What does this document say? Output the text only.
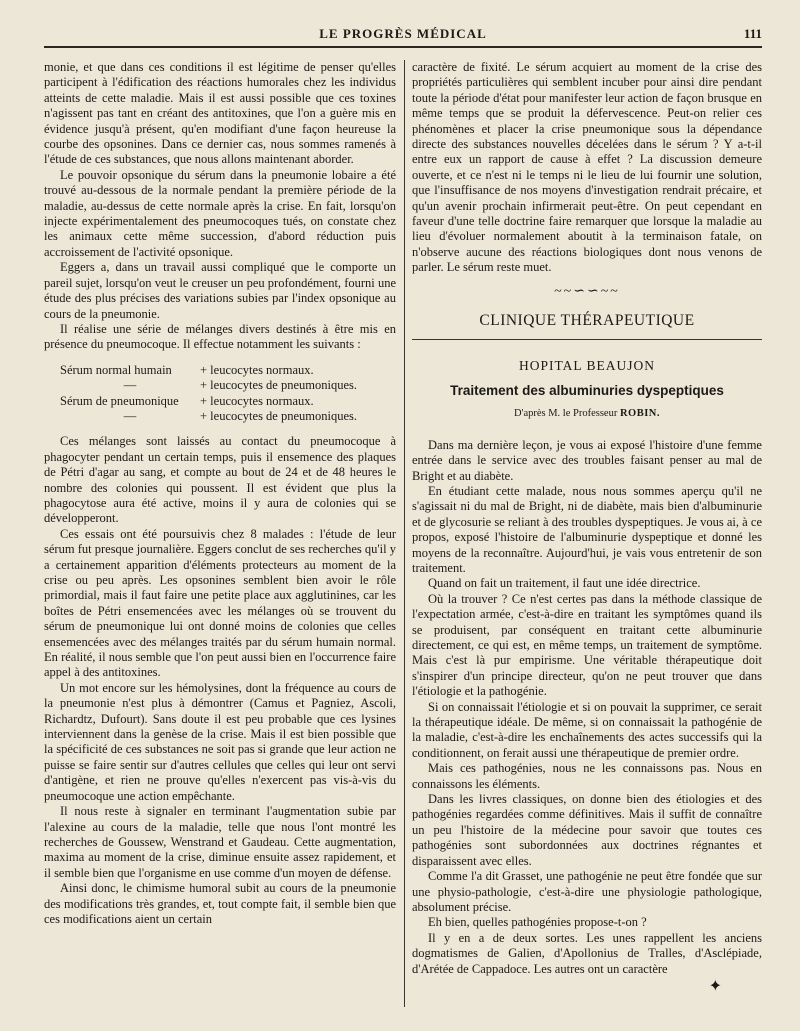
LE PROGRÈS MÉDICAL	111

monie, et que dans ces conditions il est légitime de penser qu'elles participent à l'édification des réactions humorales chez les individus atteints de cette maladie. Mais il est aussi possible que ces toxines n'agissent pas tant en créant des antitoxines, que l'on a guère mis en évidence jusqu'à présent, qu'en modifiant d'une façon heureuse la courbe des opsonines. Dans ce dernier cas, nous sommes ramenés à l'étude de ces substances, que nous allons maintenant aborder.

Le pouvoir opsonique du sérum dans la pneumonie lobaire a été trouvé au-dessous de la normale pendant la première période de la maladie, au-dessus de cette normale après la crise. En fait, lorsqu'on injecte expérimentalement des pneumocoques tués, on constate chez les animaux cette même succession, d'abord réduction puis accroissement de l'activité opsonique.

Eggers a, dans un travail aussi compliqué que le comporte un pareil sujet, lorsqu'on veut le creuser un peu profondément, fourni une étude des plus précises des variations subies par l'index opsonique au cours de la pneumonie.

Il réalise une série de mélanges divers destinés à être mis en présence du pneumocoque. Il effectue notamment les suivants :

Sérum normal humain	+ leucocytes normaux.
—	+ leucocytes de pneumoniques.
Sérum de pneumonique	+ leucocytes normaux.
—	+ leucocytes de pneumoniques.

Ces mélanges sont laissés au contact du pneumocoque à phagocyter pendant un certain temps, puis il ensemence des plaques de Pétri d'agar au sang, et compte au bout de 24 et de 48 heures le nombre des colonies qui poussent. Il est évident que plus la phagocytose aura été active, moins il y aura de colonies qui se développeront.

Ces essais ont été poursuivis chez 8 malades : l'étude de leur sérum fut presque journalière. Eggers conclut de ses recherches qu'il y a certainement apparition d'éléments protecteurs au moment de la crise ou peu après. Les opsonines semblent bien avoir le rôle primordial, mais il faut faire une petite place aux agglutinines, car les boîtes de Pétri ensemencées avec les mélanges où se trouvent du sérum de pneumonique lui ont donné moins de colonies que celles ensemencées avec des mélanges traités par du sérum humain normal. En réalité, il nous semble que l'on peut aussi bien en l'occurrence faire appel à des antitoxines.

Un mot encore sur les hémolysines, dont la fréquence au cours de la pneumonie n'est plus à démontrer (Camus et Pagniez, Ascoli, Richardtz, Dufourt). Sans doute il est peu probable que ces lysines interviennent dans la genèse de la crise. Mais il est bien possible que la spécificité de ces substances ne soit pas si grande que leur action ne puisse se faire sentir sur d'autres cellules que celles qui leur ont servi d'antigène, et rien ne prouve qu'elles n'exercent pas vis-à-vis du pneumocoque une action empêchante.

Il nous reste à signaler en terminant l'augmentation subie par l'alexine au cours de la maladie, telle que nous l'ont montré les recherches de Goussew, Wenstrand et Gaudeau. Cette augmentation, maxima au moment de la crise, diminue ensuite assez rapidement, et il semble bien que l'organisme en use comme d'un moyen de défense.

Ainsi donc, le chimisme humoral subit au cours de la pneumonie des modifications très grandes, et, tout compte fait, il semble bien que ces modifications aient un certain

caractère de fixité. Le sérum acquiert au moment de la crise des propriétés particulières qui semblent incuber pour ainsi dire pendant toute la période d'état pour manifester leur action de façon brusque en même temps que se produit la défervescence. Peut-on relier ces phénomènes et placer la crise pneumonique sous la dépendance directe des substances nouvelles décelées dans le sérum ? Y a-t-il entre eux un rapport de cause à effet ? La discussion demeure ouverte, et ce n'est ni le temps ni le lieu de lui fournir une solution, que l'insuffisance de nos moyens d'investigation rendrait précaire, et qu'un avenir prochain infirmerait peut-être. On peut cependant en faveur d'une telle doctrine faire remarquer que lorsque la maladie au lieu d'évoluer normalement aboutit à la terminaison fatale, on n'observe aucune des réactions biologiques dont nous venons de parler. Le sérum reste muet.

~~∽∽~~
CLINIQUE THÉRAPEUTIQUE
HOPITAL BEAUJON
Traitement des albuminuries dyspeptiques
D'après M. le Professeur ROBIN.

Dans ma dernière leçon, je vous ai exposé l'histoire d'une femme entrée dans le service avec des troubles faisant penser au mal de Bright et au diabète.

En étudiant cette malade, nous nous sommes aperçu qu'il ne s'agissait ni du mal de Bright, ni de diabète, mais bien d'albuminurie et de glycosurie se reliant à des troubles dyspeptiques. Je vous ai, à ce propos, exposé l'histoire de l'albuminurie dyspeptique et donné les moyens de la reconnaître. Aujourd'hui, je vais vous entretenir de son traitement.

Quand on fait un traitement, il faut une idée directrice.

Où la trouver ? Ce n'est certes pas dans la méthode classique de l'expectation armée, c'est-à-dire en traitant les symptômes quand ils se produisent, par conséquent en traitant cette albuminurie directement, ce qui est, en même temps, un traitement de symptôme. Mais c'est là pur empirisme. Une véritable thérapeutique doit s'inspirer d'un principe directeur, qu'on ne peut trouver que dans l'étiologie et la pathogénie.

Si on connaissait l'étiologie et si on pouvait la supprimer, ce serait la thérapeutique idéale. De même, si on connaissait la pathogénie de la maladie, c'est-à-dire les enchaînements des actes successifs qui la conditionnent, on ferait aussi une thérapeutique de premier ordre.

Mais ces pathogénies, nous ne les connaissons pas. Nous en connaissons les éléments.

Dans les livres classiques, on donne bien des étiologies et des pathogénies regardées comme définitives. Mais il suffit de connaître un peu l'histoire de la médecine pour savoir que toutes ces pathogénies sont subordonnées aux doctrines régnantes et disparaissent avec elles.

Comme l'a dit Grasset, une pathogénie ne peut être fondée que sur une physio-pathologie, c'est-à-dire une physiologie pathologique, absolument précise.

Eh bien, quelles pathogénies propose-t-on ?

Il y en a de deux sortes. Les unes rappellent les anciens dogmatismes de Galien, d'Apollonius de Tralles, d'Asclépiade, d'Arétée de Cappadoce. Les autres ont un caractère

✦
